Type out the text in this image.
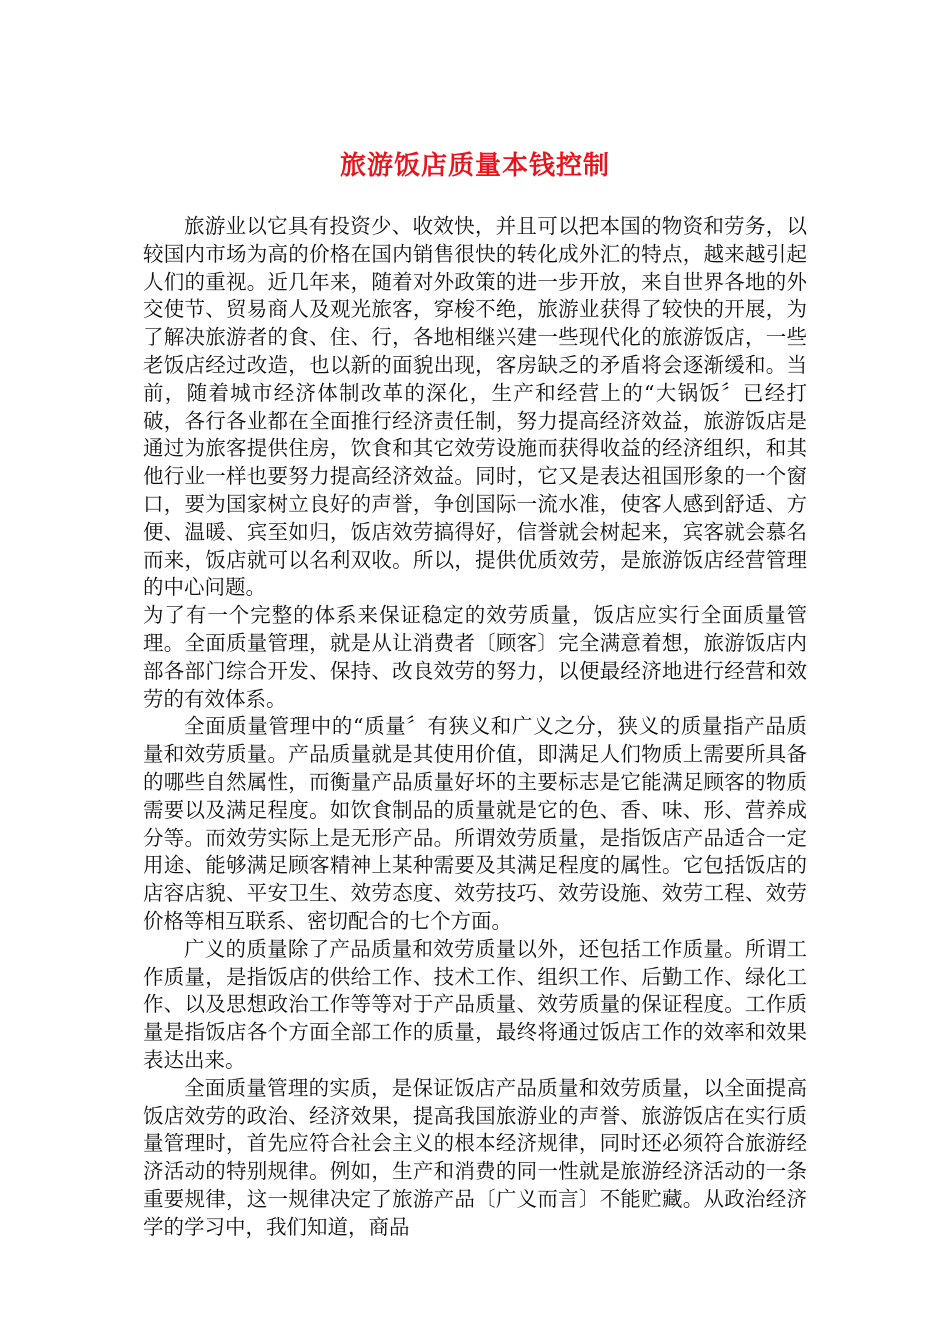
旅游饭店质量本钱控制

旅游业以它具有投资少、收效快，并且可以把本国的物资和劳务，以较国内市场为高的价格在国内销售很快的转化成外汇的特点，越来越引起人们的重视。近几年来，随着对外政策的进一步开放，来自世界各地的外交使节、贸易商人及观光旅客，穿梭不绝，旅游业获得了较快的开展，为了解决旅游者的食、住、行，各地相继兴建一些现代化的旅游饭店，一些老饭店经过改造，也以新的面貌出现，客房缺乏的矛盾将会逐渐缓和。当前，随着城市经济体制改革的深化，生产和经营上的“大锅饭〞已经打破，各行各业都在全面推行经济责任制，努力提高经济效益，旅游饭店是通过为旅客提供住房，饮食和其它效劳设施而获得收益的经济组织，和其他行业一样也要努力提高经济效益。同时，它又是表达祖国形象的一个窗口，要为国家树立良好的声誉，争创国际一流水准，使客人感到舒适、方便、温暖、宾至如归，饭店效劳搞得好，信誉就会树起来，宾客就会慕名而来，饭店就可以名利双收。所以，提供优质效劳，是旅游饭店经营管理的中心问题。

为了有一个完整的体系来保证稳定的效劳质量，饭店应实行全面质量管理。全面质量管理，就是从让消费者〔顾客〕完全满意着想，旅游饭店内部各部门综合开发、保持、改良效劳的努力，以便最经济地进行经营和效劳的有效体系。

全面质量管理中的“质量〞有狭义和广义之分，狭义的质量指产品质量和效劳质量。产品质量就是其使用价值，即满足人们物质上需要所具备的哪些自然属性，而衡量产品质量好坏的主要标志是它能满足顾客的物质需要以及满足程度。如饮食制品的质量就是它的色、香、味、形、营养成分等。而效劳实际上是无形产品。所谓效劳质量，是指饭店产品适合一定用途、能够满足顾客精神上某种需要及其满足程度的属性。它包括饭店的店容店貌、平安卫生、效劳态度、效劳技巧、效劳设施、效劳工程、效劳价格等相互联系、密切配合的七个方面。

广义的质量除了产品质量和效劳质量以外，还包括工作质量。所谓工作质量，是指饭店的供给工作、技术工作、组织工作、后勤工作、绿化工作、以及思想政治工作等等对于产品质量、效劳质量的保证程度。工作质量是指饭店各个方面全部工作的质量，最终将通过饭店工作的效率和效果表达出来。

全面质量管理的实质，是保证饭店产品质量和效劳质量，以全面提高饭店效劳的政治、经济效果，提高我国旅游业的声誉、旅游饭店在实行质量管理时，首先应符合社会主义的根本经济规律，同时还必须符合旅游经济活动的特别规律。例如，生产和消费的同一性就是旅游经济活动的一条重要规律，这一规律决定了旅游产品〔广义而言〕不能贮藏。从政治经济学的学习中，我们知道，商品
